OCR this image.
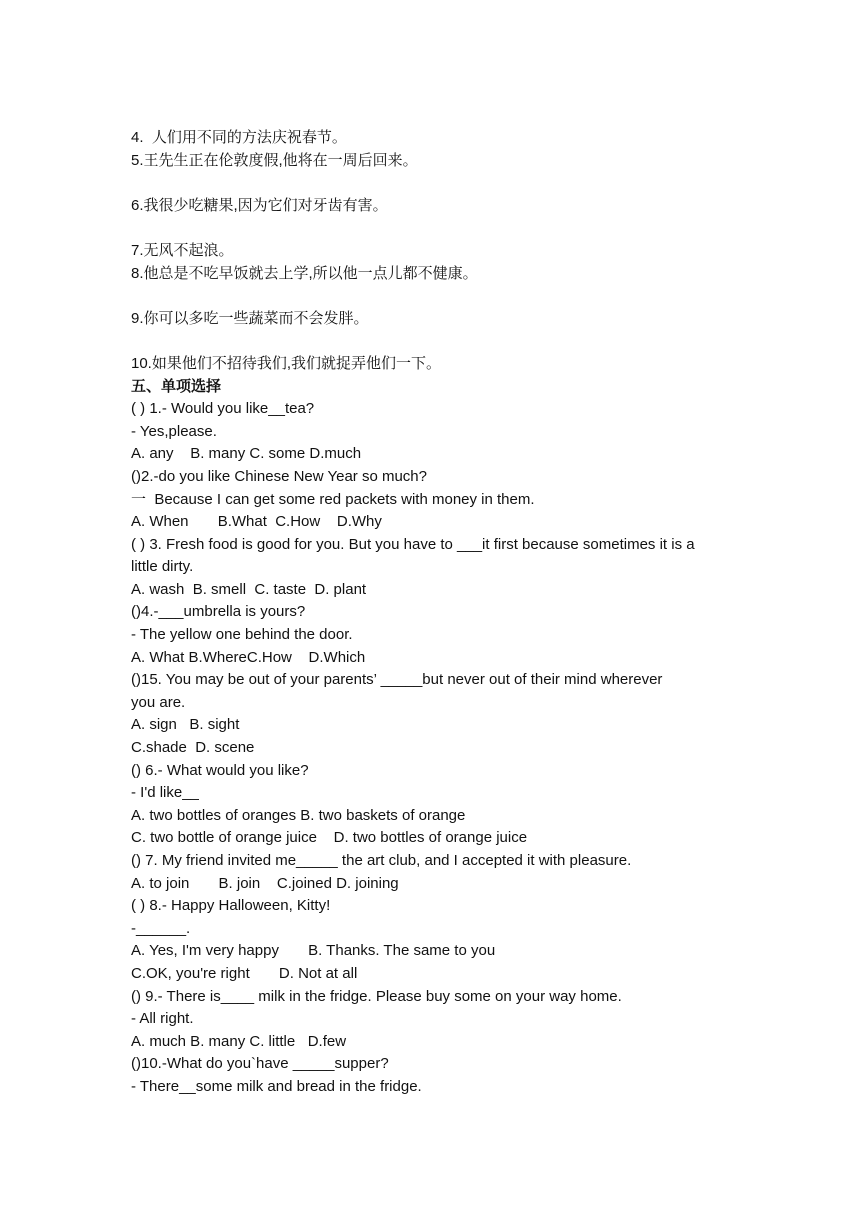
4.  人们用不同的方法庆祝春节。
5.王先生正在伦敦度假,他将在一周后回来。
6.我很少吃糖果,因为它们对牙齿有害。
7.无风不起浪。
8.他总是不吃早饭就去上学,所以他一点儿都不健康。
9.你可以多吃一些蔬菜而不会发胖。
10.如果他们不招待我们,我们就捉弄他们一下。
五、单项选择
( ) 1.- Would you like__tea?
- Yes,please.
A. any    B. many C. some D.much
()2.-do you like Chinese New Year so much?
一  Because I can get some red packets with money in them.
A. When       B.What  C.How    D.Why
( ) 3. Fresh food is good for you. But you have to ___it first because sometimes it is a
little dirty.
A. wash  B. smell  C. taste  D. plant
()4.-___umbrella is yours?
- The yellow one behind the door.
A. What B.WhereC.How    D.Which
()15. You may be out of your parents’ _____but never out of their mind wherever
you are.
A. sign   B. sight
C.shade  D. scene
() 6.- What would you like?
- I'd like__
A. two bottles of oranges B. two baskets of orange
C. two bottle of orange juice    D. two bottles of orange juice
() 7. My friend invited me_____ the art club, and I accepted it with pleasure.
A. to join       B. join    C.joined D. joining
( ) 8.- Happy Halloween, Kitty!
-______.
A. Yes, I'm very happy       B. Thanks. The same to you
C.OK, you're right       D. Not at all
() 9.- There is____ milk in the fridge. Please buy some on your way home.
- All right.
A. much B. many C. little   D.few
()10.-What do you`have _____supper?
- There__some milk and bread in the fridge.
